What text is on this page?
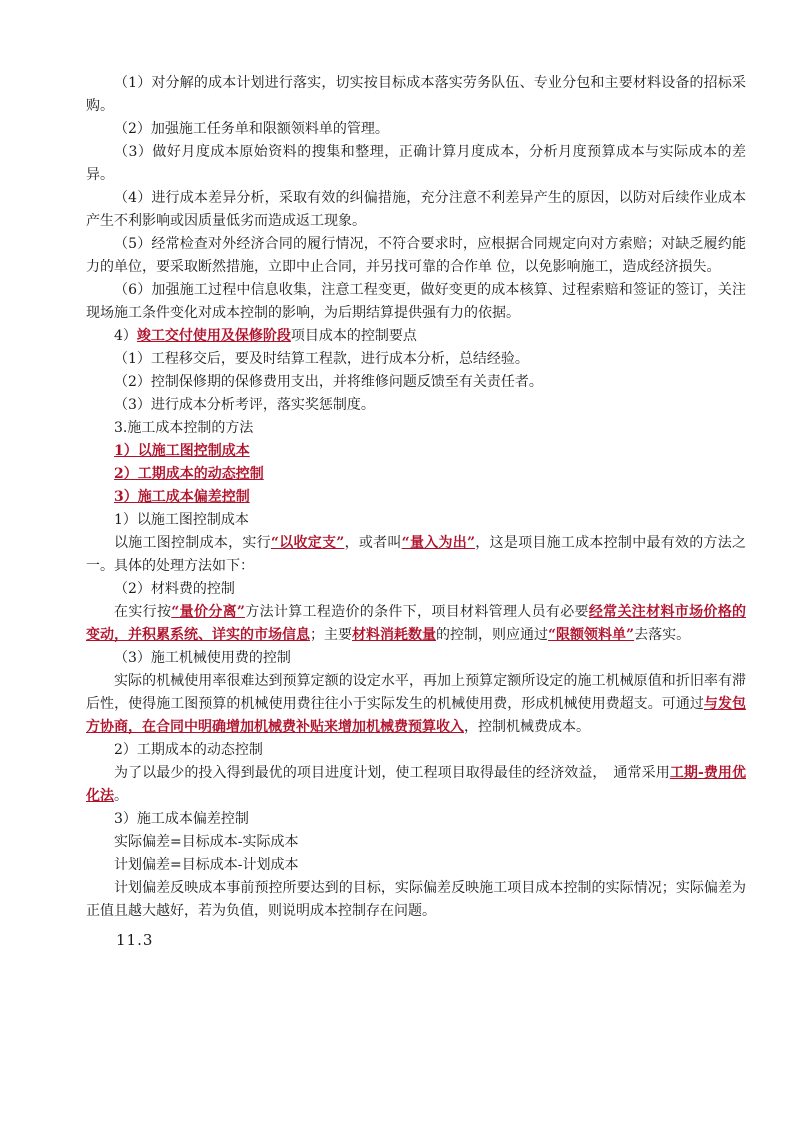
（1）对分解的成本计划进行落实，切实按目标成本落实劳务队伍、专业分包和主要材料设备的招标采购。
（2）加强施工任务单和限额领料单的管理。
（3）做好月度成本原始资料的搜集和整理，正确计算月度成本，分析月度预算成本与实际成本的差异。
（4）进行成本差异分析，采取有效的纠偏措施，充分注意不利差异产生的原因，以防对后续作业成本产生不利影响或因质量低劣而造成返工现象。
（5）经常检查对外经济合同的履行情况，不符合要求时，应根据合同规定向对方索赔；对缺乏履约能力的单位，要采取断然措施，立即中止合同，并另找可靠的合作单 位，以免影响施工，造成经济损失。
（6）加强施工过程中信息收集，注意工程变更，做好变更的成本核算、过程索赔和签证的签订，关注现场施工条件变化对成本控制的影响，为后期结算提供强有力的依据。
4）竣工交付使用及保修阶段项目成本的控制要点
（1）工程移交后，要及时结算工程款，进行成本分析，总结经验。
（2）控制保修期的保修费用支出，并将维修问题反馈至有关责任者。
（3）进行成本分析考评，落实奖惩制度。
3.施工成本控制的方法
1）以施工图控制成本
2）工期成本的动态控制
3）施工成本偏差控制
1）以施工图控制成本
以施工图控制成本，实行“以收定支”，或者叫“量入为出”，这是项目施工成本控制中最有效的方法之一。具体的处理方法如下：
（2）材料费的控制
在实行按“量价分离”方法计算工程造价的条件下，项目材料管理人员有必要经常关注材料市场价格的变动，并积累系统、详实的市场信息；主要材料消耗数量的控制，则应通过“限额领料单”去落实。
（3）施工机械使用费的控制
实际的机械使用率很难达到预算定额的设定水平，再加上预算定额所设定的施工机械原值和折旧率有滞后性，使得施工图预算的机械使用费往往小于实际发生的机械使用费，形成机械使用费超支。可通过与发包方协商，在合同中明确增加机械费补贴来增加机械费预算收入，控制机械费成本。
2）工期成本的动态控制
为了以最少的投入得到最优的项目进度计划，使工程项目取得最佳的经济效益，　通常采用工期-费用优化法。
3）施工成本偏差控制
实际偏差=目标成本-实际成本
计划偏差=目标成本-计划成本
计划偏差反映成本事前预控所要达到的目标，实际偏差反映施工项目成本控制的实际情况；实际偏差为正值且越大越好，若为负值，则说明成本控制存在问题。
11.3
